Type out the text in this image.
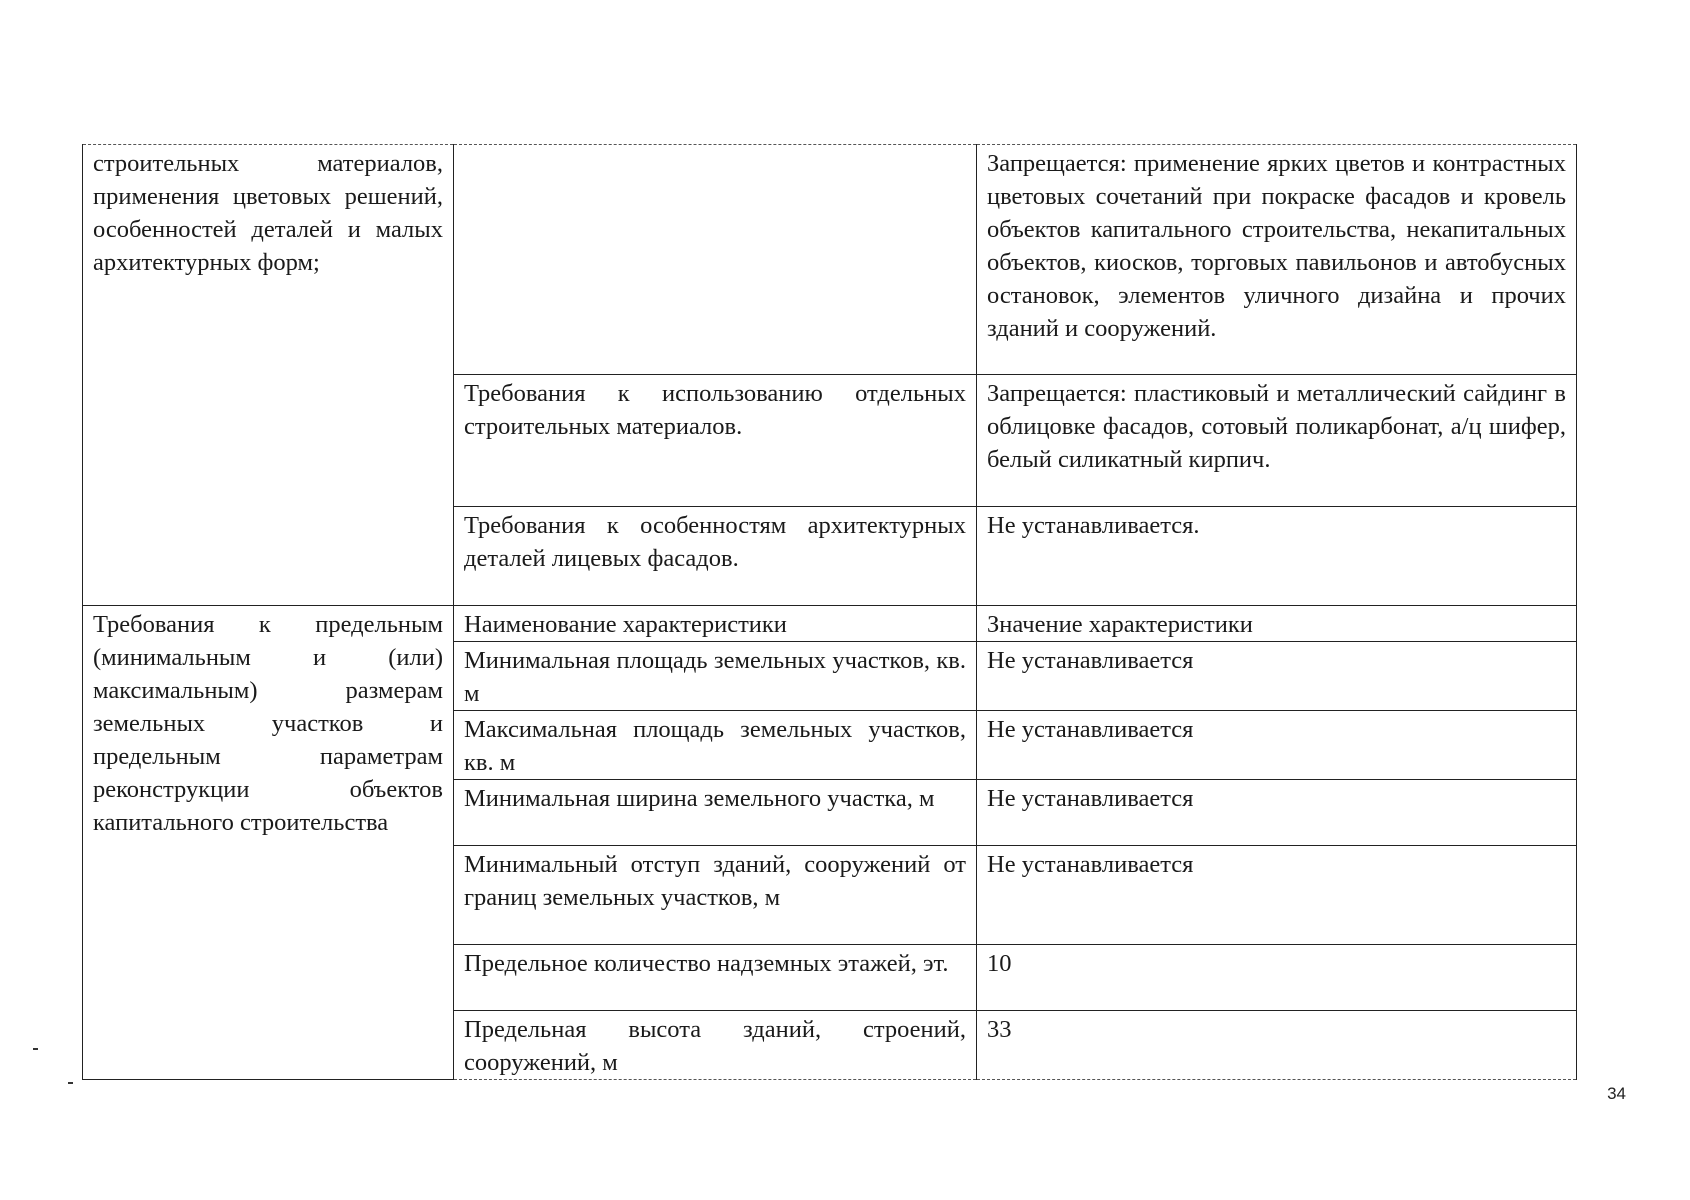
строительных материалов, применения цветовых решений, особенностей деталей и малых архитектурных форм;		Запрещается: применение ярких цветов и контрастных цветовых сочетаний при покраске фасадов и кровель объектов капитального строительства, некапитальных объектов, киосков, торговых павильонов и автобусных остановок, элементов уличного дизайна и прочих зданий и сооружений.

	Требования к использованию отдельных строительных материалов.	Запрещается: пластиковый и металлический сайдинг в облицовке фасадов, сотовый поликарбонат, а/ц шифер, белый силикатный кирпич.

	Требования к особенностям архитектурных деталей лицевых фасадов.	Не устанавливается.

Требования к предельным (минимальным и (или) максимальным) размерам земельных участков и предельным параметрам реконструкции объектов капитального строительства	Наименование характеристики	Значение характеристики

	Минимальная площадь земельных участков, кв. м	Не устанавливается

	Максимальная площадь земельных участков, кв. м	Не устанавливается

	Минимальная ширина земельного участка, м	Не устанавливается

	Минимальный отступ зданий, сооружений от границ земельных участков, м	Не устанавливается

	Предельное количество надземных этажей, эт.	10

	Предельная высота зданий, строений, сооружений, м	33
34
